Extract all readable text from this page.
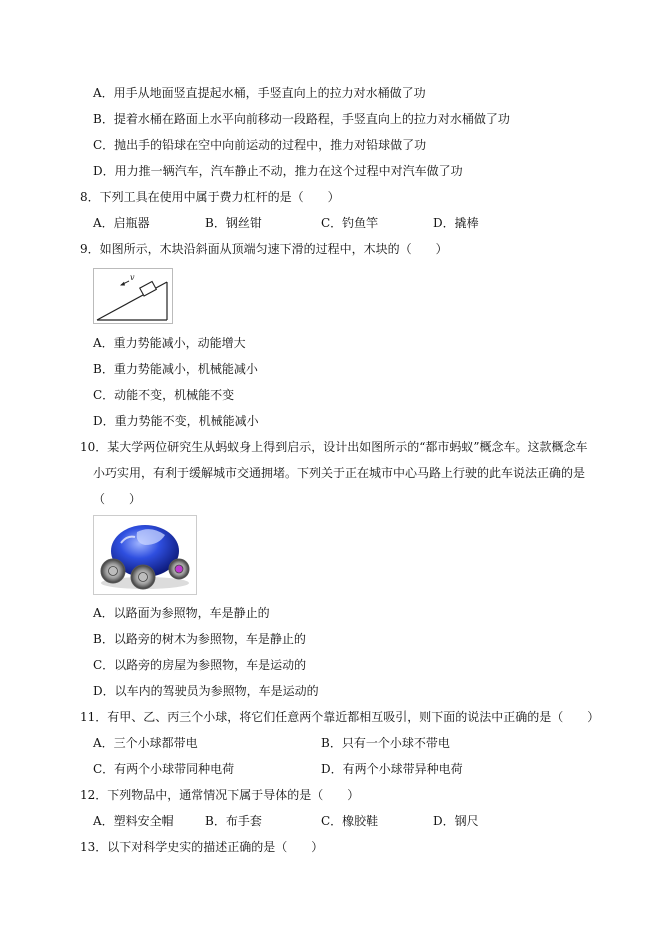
A．用手从地面竖直提起水桶，手竖直向上的拉力对水桶做了功
B．提着水桶在路面上水平向前移动一段路程，手竖直向上的拉力对水桶做了功
C．抛出手的铅球在空中向前运动的过程中，推力对铅球做了功
D．用力推一辆汽车，汽车静止不动，推力在这个过程中对汽车做了功
8．下列工具在使用中属于费力杠杆的是（　　）
A．启瓶器	B．钢丝钳	C．钓鱼竿	D．撬棒
9．如图所示，木块沿斜面从顶端匀速下滑的过程中，木块的（　　）
v
A．重力势能减小，动能增大
B．重力势能减小，机械能减小
C．动能不变，机械能不变
D．重力势能不变，机械能减小
10．某大学两位研究生从蚂蚁身上得到启示，设计出如图所示的“都市蚂蚁”概念车。这款概念车
小巧实用，有利于缓解城市交通拥堵。下列关于正在城市中心马路上行驶的此车说法正确的是
（　　）
A．以路面为参照物，车是静止的
B．以路旁的树木为参照物，车是静止的
C．以路旁的房屋为参照物，车是运动的
D．以车内的驾驶员为参照物，车是运动的
11．有甲、乙、丙三个小球，将它们任意两个靠近都相互吸引，则下面的说法中正确的是（　　）
A．三个小球都带电	B．只有一个小球不带电
C．有两个小球带同种电荷	D．有两个小球带异种电荷
12．下列物品中，通常情况下属于导体的是（　　）
A．塑料安全帽	B．布手套	C．橡胶鞋	D．钢尺
13．以下对科学史实的描述正确的是（　　）
